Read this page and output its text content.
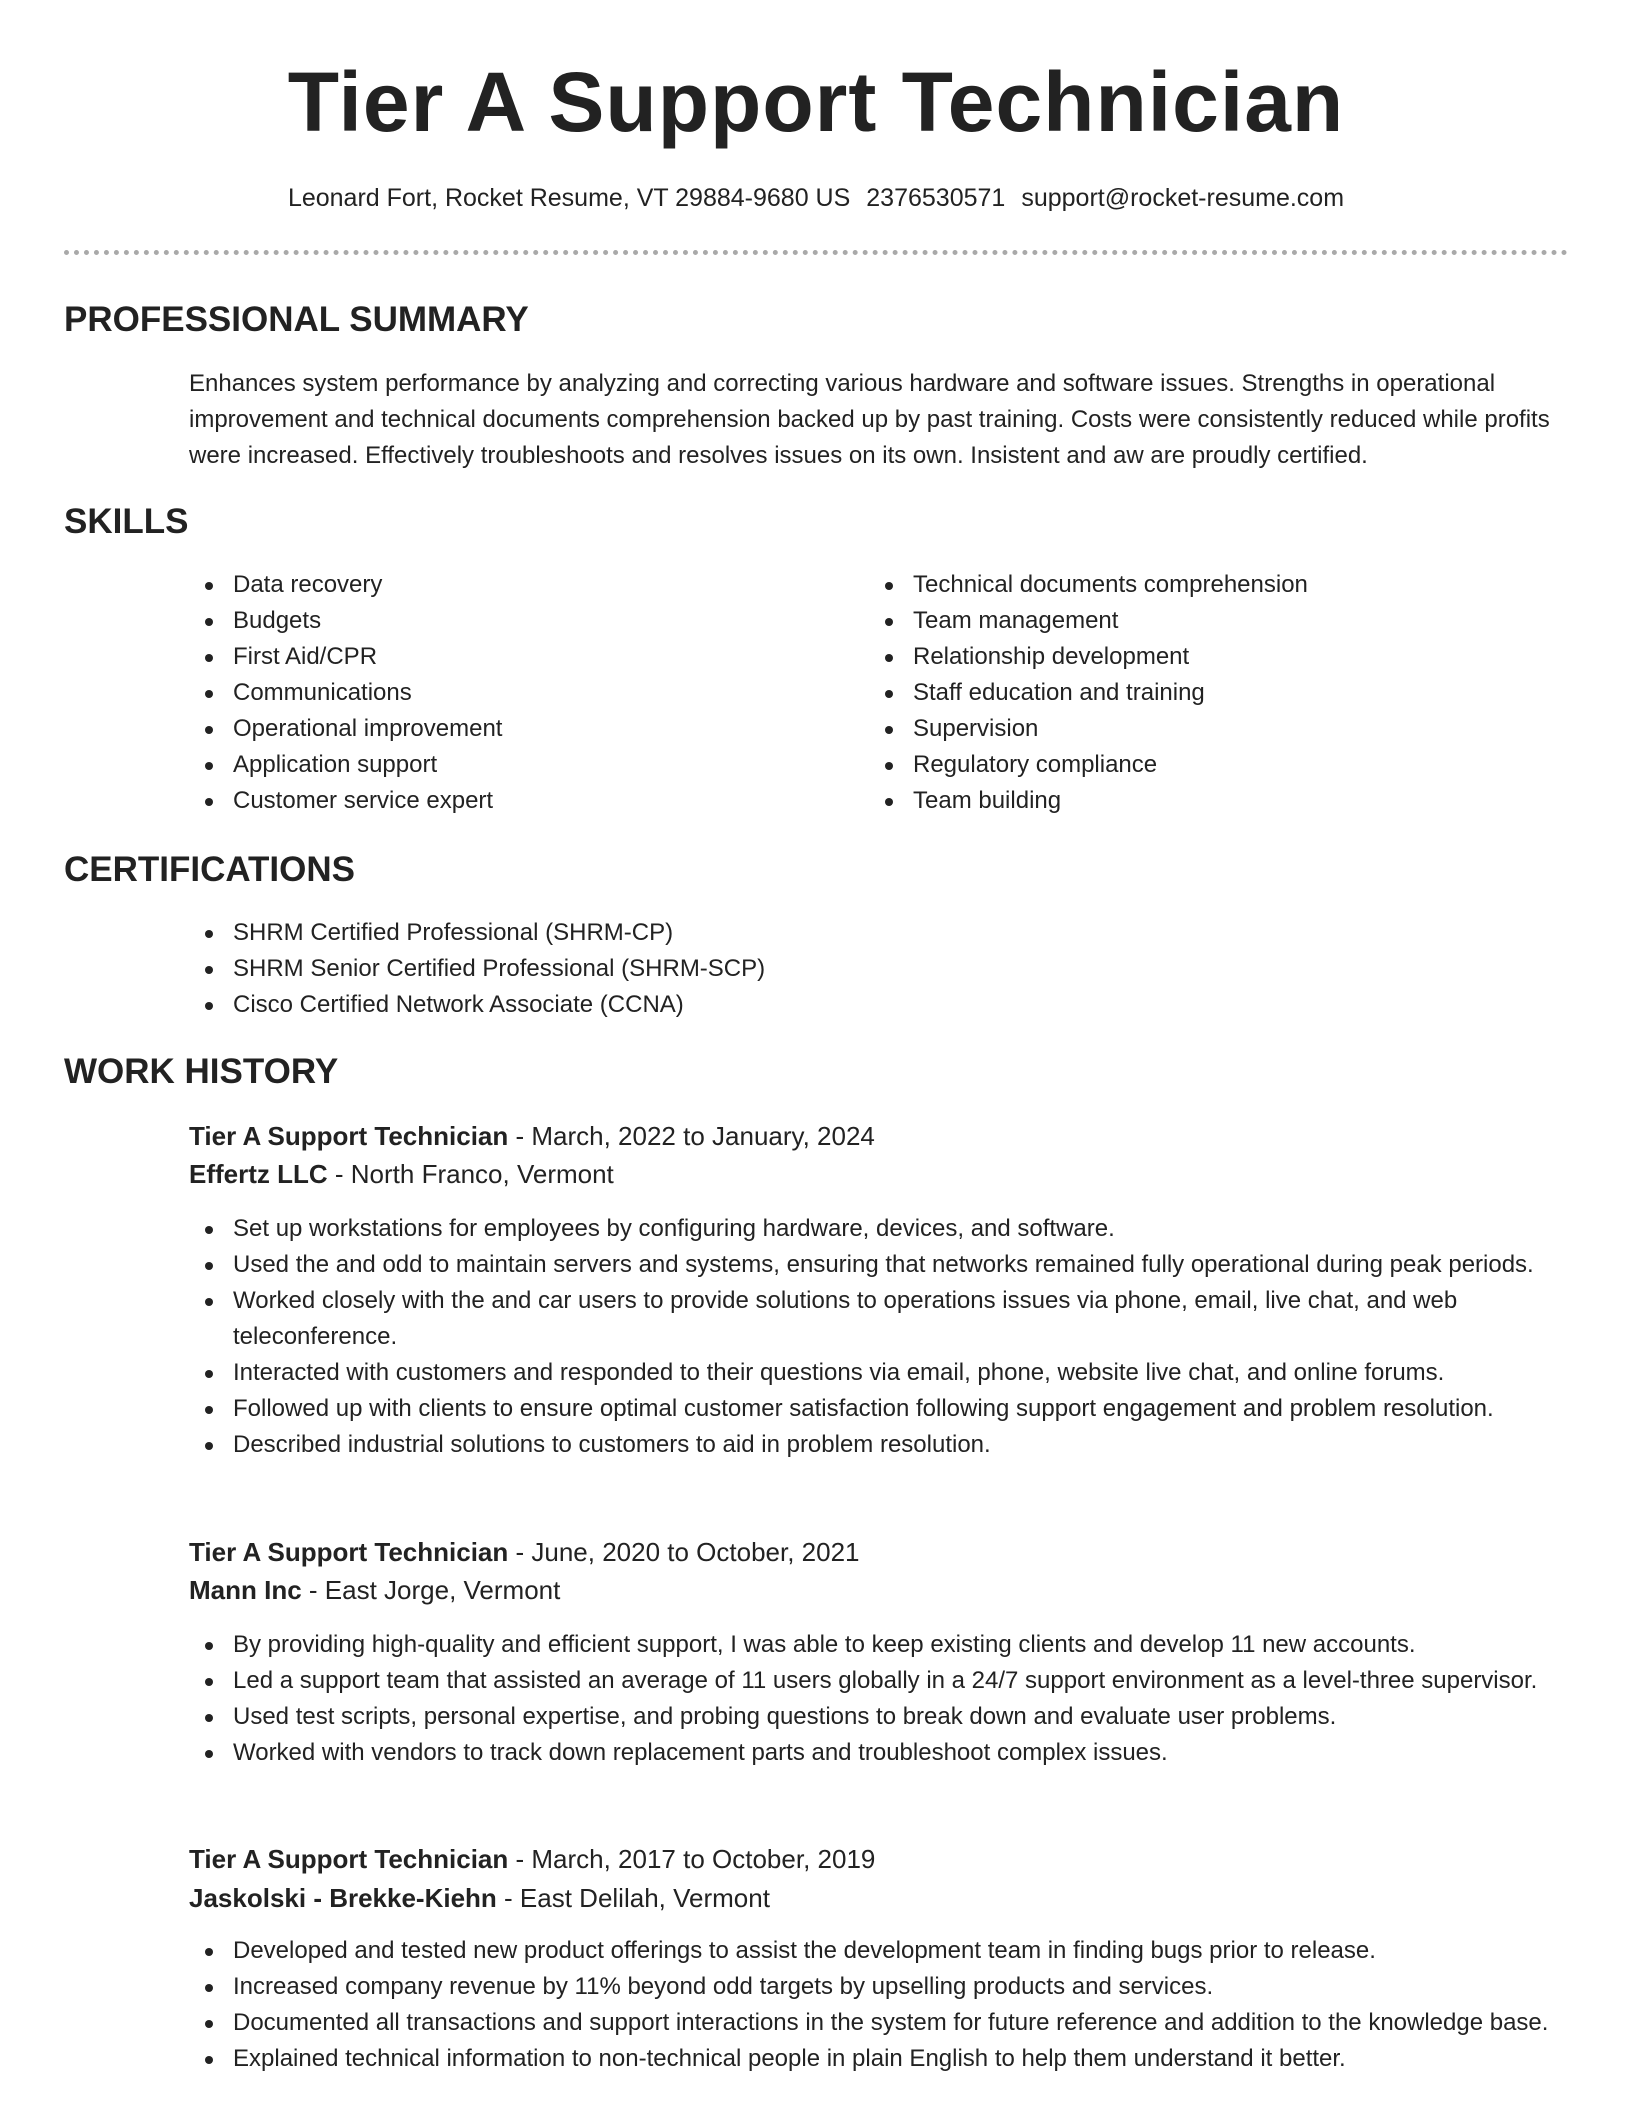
Tier A Support Technician
Leonard Fort, Rocket Resume, VT 29884-9680 US 2376530571 support@rocket-resume.com
PROFESSIONAL SUMMARY
Enhances system performance by analyzing and correcting various hardware and software issues. Strengths in operational improvement and technical documents comprehension backed up by past training. Costs were consistently reduced while profits were increased. Effectively troubleshoots and resolves issues on its own. Insistent and aw are proudly certified.
SKILLS
Data recovery
Budgets
First Aid/CPR
Communications
Operational improvement
Application support
Customer service expert
Technical documents comprehension
Team management
Relationship development
Staff education and training
Supervision
Regulatory compliance
Team building
CERTIFICATIONS
SHRM Certified Professional (SHRM-CP)
SHRM Senior Certified Professional (SHRM-SCP)
Cisco Certified Network Associate (CCNA)
WORK HISTORY
Tier A Support Technician - March, 2022 to January, 2024
Effertz LLC - North Franco, Vermont
Set up workstations for employees by configuring hardware, devices, and software.
Used the and odd to maintain servers and systems, ensuring that networks remained fully operational during peak periods.
Worked closely with the and car users to provide solutions to operations issues via phone, email, live chat, and web teleconference.
Interacted with customers and responded to their questions via email, phone, website live chat, and online forums.
Followed up with clients to ensure optimal customer satisfaction following support engagement and problem resolution.
Described industrial solutions to customers to aid in problem resolution.
Tier A Support Technician - June, 2020 to October, 2021
Mann Inc - East Jorge, Vermont
By providing high-quality and efficient support, I was able to keep existing clients and develop 11 new accounts.
Led a support team that assisted an average of 11 users globally in a 24/7 support environment as a level-three supervisor.
Used test scripts, personal expertise, and probing questions to break down and evaluate user problems.
Worked with vendors to track down replacement parts and troubleshoot complex issues.
Tier A Support Technician - March, 2017 to October, 2019
Jaskolski - Brekke-Kiehn - East Delilah, Vermont
Developed and tested new product offerings to assist the development team in finding bugs prior to release.
Increased company revenue by 11% beyond odd targets by upselling products and services.
Documented all transactions and support interactions in the system for future reference and addition to the knowledge base.
Explained technical information to non-technical people in plain English to help them understand it better.
